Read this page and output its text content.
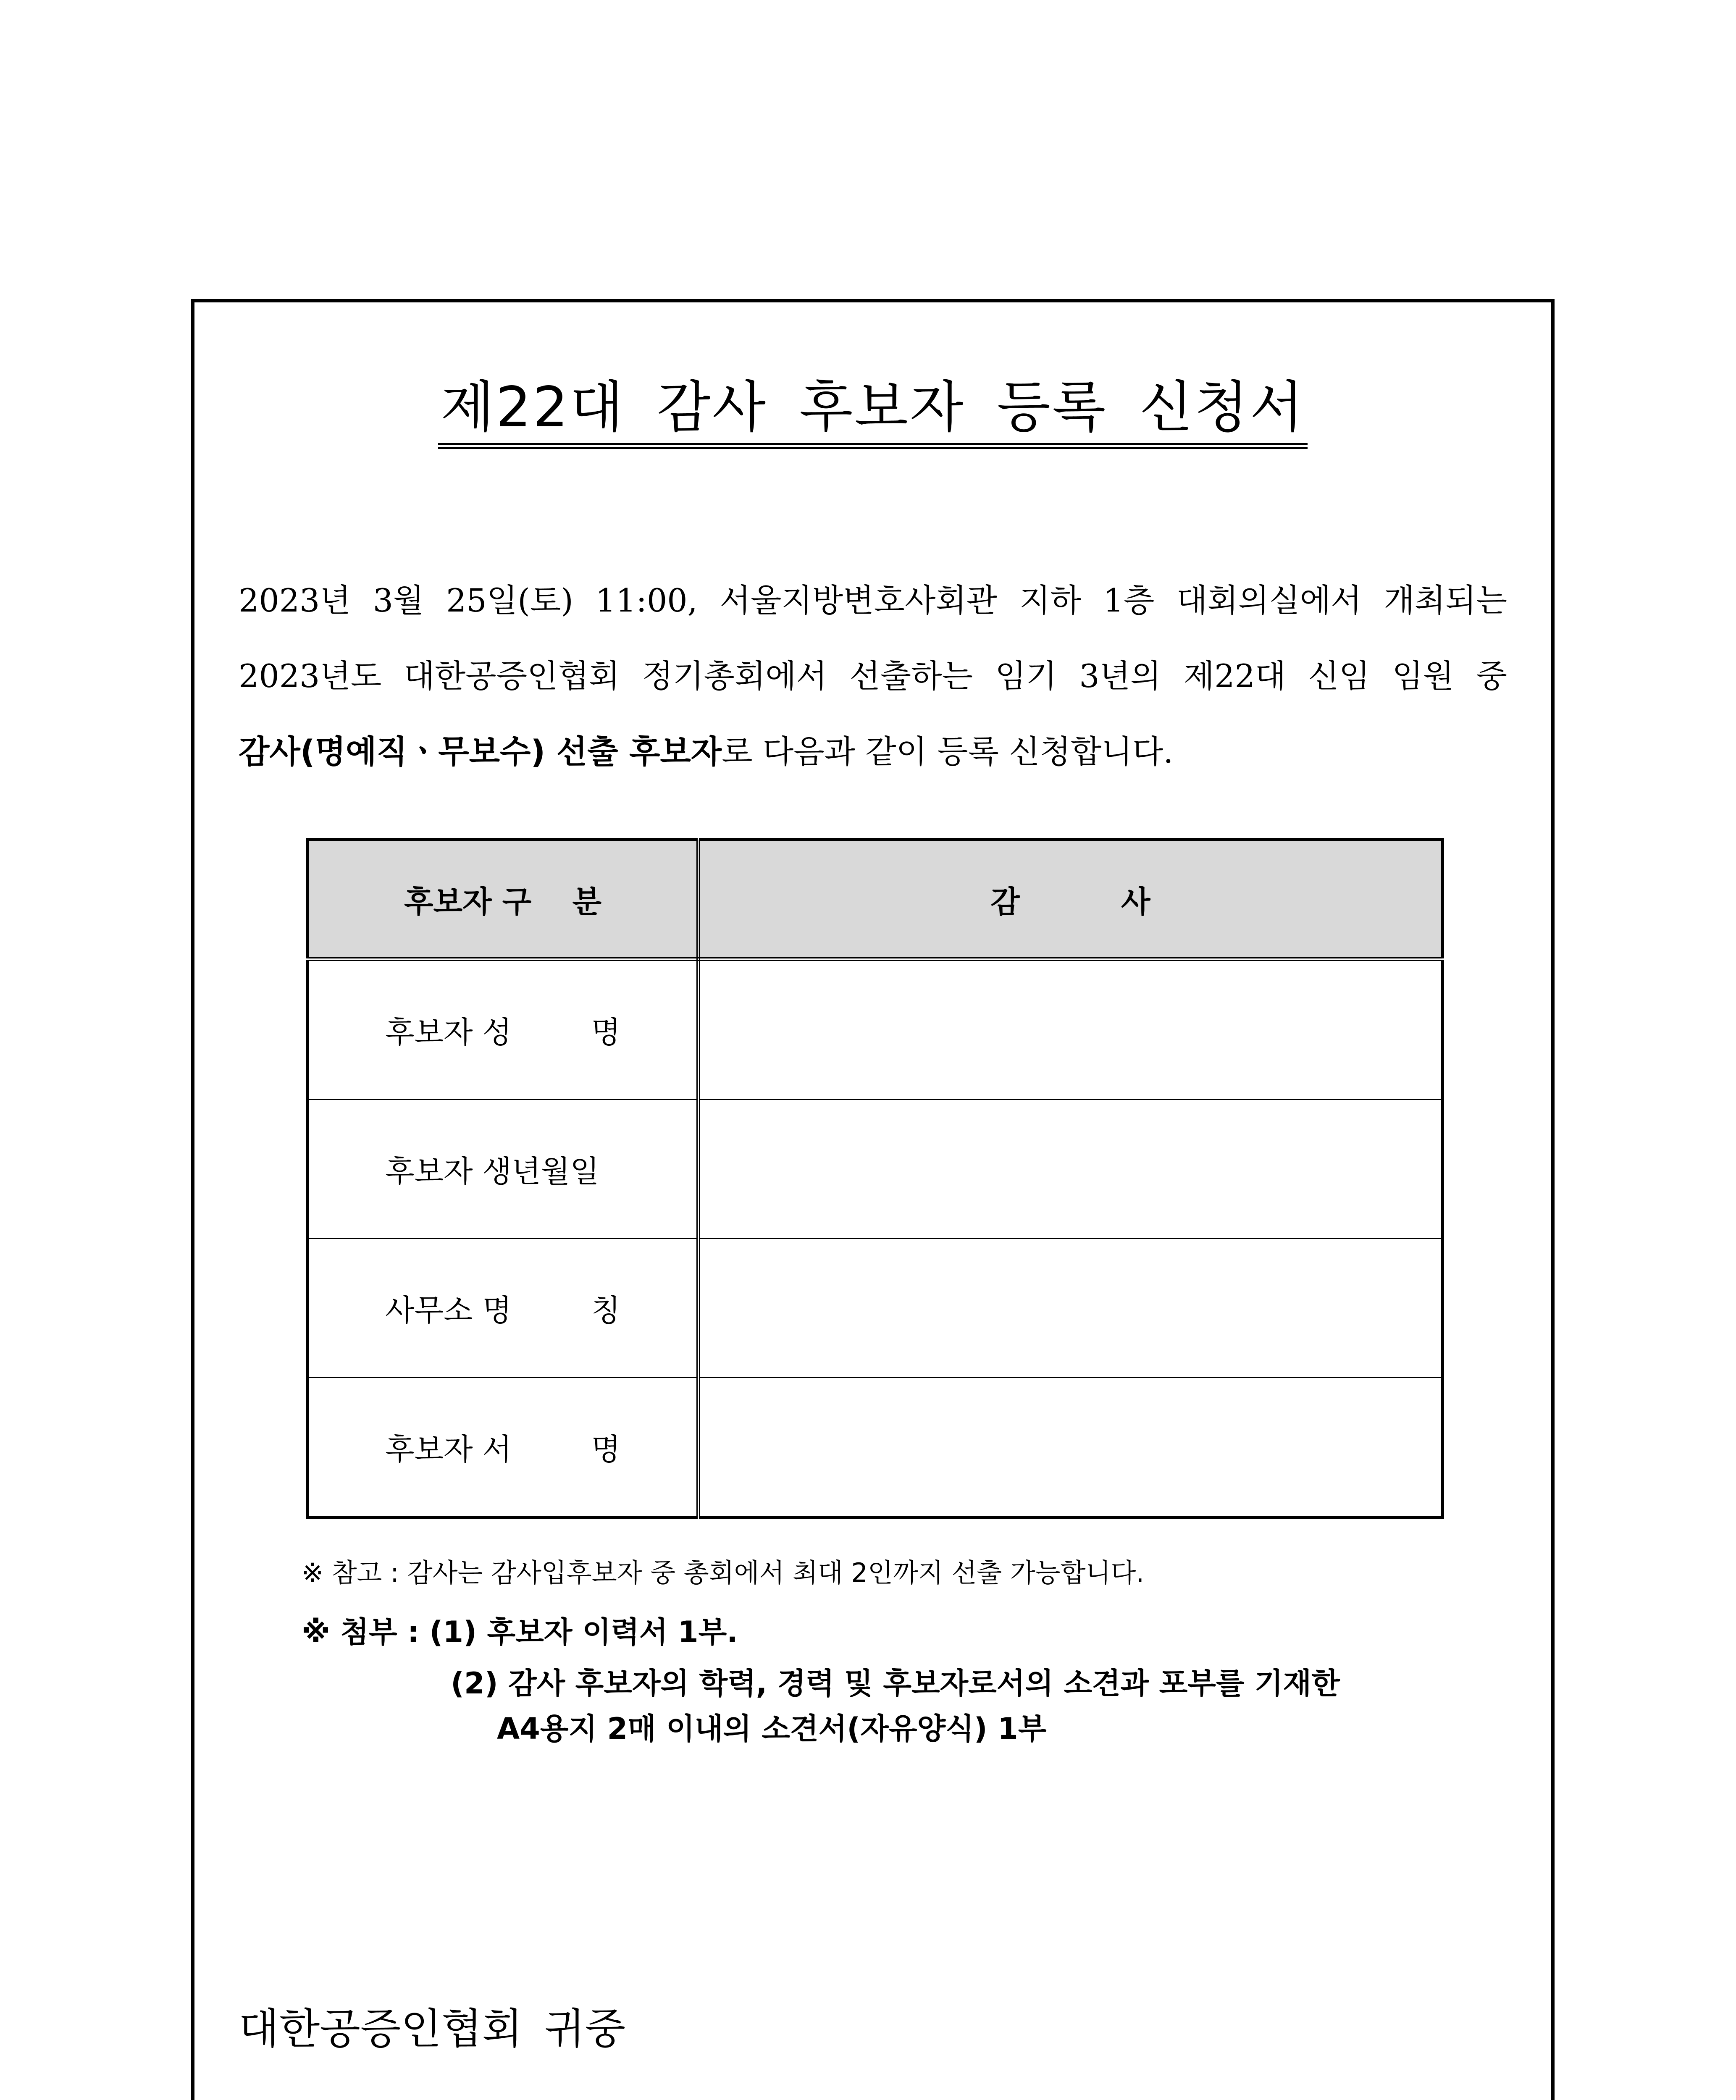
제22대 감사 후보자 등록 신청서
2023년 3월 25일(토) 11:00, 서울지방변호사회관 지하 1층 대회의실에서 개최되는
2023년도 대한공증인협회 정기총회에서 선출하는 임기 3년의 제22대 신임 임원 중
감사(명예직ㆍ무보수) 선출 후보자로 다음과 같이 등록 신청합니다.
후보자 구 분	감 사

후보자 성 명	

후보자 생년월일	

사무소 명 칭	

후보자 서 명	

※ 참고 : 감사는 감사입후보자 중 총회에서 최대 2인까지 선출 가능합니다.
※ 첨부 : (1) 후보자 이력서 1부.
(2) 감사 후보자의 학력, 경력 및 후보자로서의 소견과 포부를 기재한
A4용지 2매 이내의 소견서(자유양식) 1부
대한공증인협회 귀중
